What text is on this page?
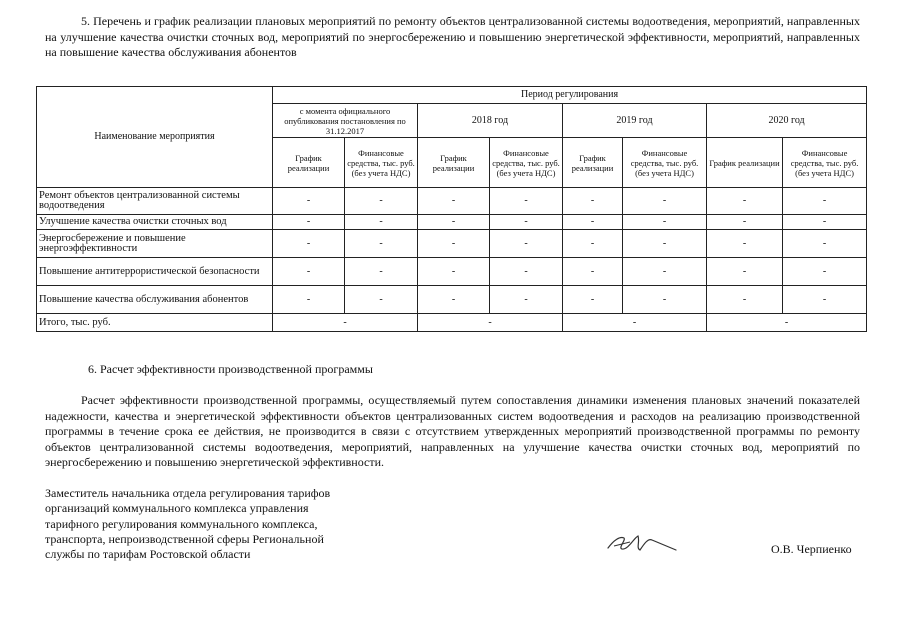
5. Перечень и график реализации плановых мероприятий по ремонту объектов централизованной системы водоотведения, мероприятий, направленных на улучшение качества очистки сточных вод, мероприятий по энергосбережению и повышению энергетической эффективности, мероприятий, направленных на повышение качества обслуживания абонентов
Наименование мероприятия	Период регулирования							
	с момента официального опубликования постановления по 31.12.2017		2018 год		2019 год		2020 год	
	График реализации	Финансовые средства, тыс. руб. (без учета НДС)	График реализации	Финансовые средства, тыс. руб. (без учета НДС)	График реализации	Финансовые средства, тыс. руб. (без учета НДС)	График реализации	Финансовые средства, тыс. руб. (без учета НДС)
Ремонт объектов централизованной системы водоотведения	-	-	-	-	-	-	-	-
Улучшение качества очистки сточных вод	-	-	-	-	-	-	-	-
Энергосбережение и повышение энергоэффективности	-	-	-	-	-	-	-	-
Повышение антитеррористической безопасности	-	-	-	-	-	-	-	-
Повышение качества обслуживания абонентов	-	-	-	-	-	-	-	-
Итого, тыс. руб.	-		-		-		-	
6. Расчет эффективности производственной программы
Расчет эффективности производственной программы, осуществляемый путем сопоставления динамики изменения плановых значений показателей надежности, качества и энергетической эффективности объектов централизованных систем водоотведения и расходов на реализацию производственной программы в течение срока ее действия, не производится в связи с отсутствием утвержденных мероприятий производственной программы по ремонту объектов централизованной системы водоотведения, мероприятий, направленных на улучшение качества очистки сточных вод, мероприятий по энергосбережению и повышению энергетической эффективности.
Заместитель начальника отдела регулирования тарифов
организаций коммунального комплекса управления
тарифного регулирования коммунального комплекса,
транспорта, непроизводственной сферы Региональной
службы по тарифам Ростовской области	О.В. Черпиенко
